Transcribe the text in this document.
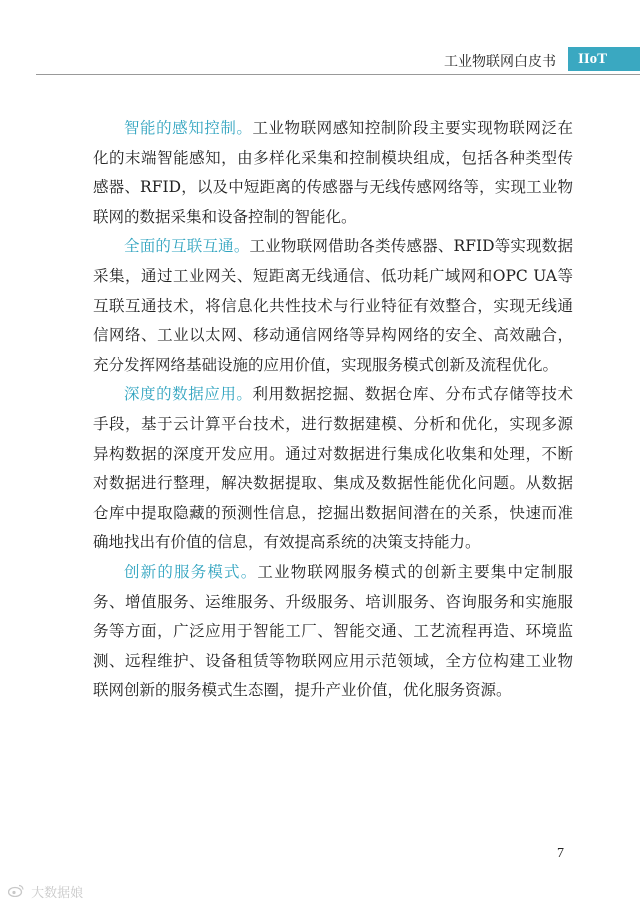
工业物联网白皮书	IIoT

智能的感知控制。工业物联网感知控制阶段主要实现物联网泛在化的末端智能感知，由多样化采集和控制模块组成，包括各种类型传感器、RFID，以及中短距离的传感器与无线传感网络等，实现工业物联网的数据采集和设备控制的智能化。

全面的互联互通。工业物联网借助各类传感器、RFID等实现数据采集，通过工业网关、短距离无线通信、低功耗广域网和OPC UA等互联互通技术，将信息化共性技术与行业特征有效整合，实现无线通信网络、工业以太网、移动通信网络等异构网络的安全、高效融合，充分发挥网络基础设施的应用价值，实现服务模式创新及流程优化。

深度的数据应用。利用数据挖掘、数据仓库、分布式存储等技术手段，基于云计算平台技术，进行数据建模、分析和优化，实现多源异构数据的深度开发应用。通过对数据进行集成化收集和处理，不断对数据进行整理，解决数据提取、集成及数据性能优化问题。从数据仓库中提取隐藏的预测性信息，挖掘出数据间潜在的关系，快速而准确地找出有价值的信息，有效提高系统的决策支持能力。

创新的服务模式。工业物联网服务模式的创新主要集中定制服务、增值服务、运维服务、升级服务、培训服务、咨询服务和实施服务等方面，广泛应用于智能工厂、智能交通、工艺流程再造、环境监测、远程维护、设备租赁等物联网应用示范领域，全方位构建工业物联网创新的服务模式生态圈，提升产业价值，优化服务资源。

7
大数据娘
